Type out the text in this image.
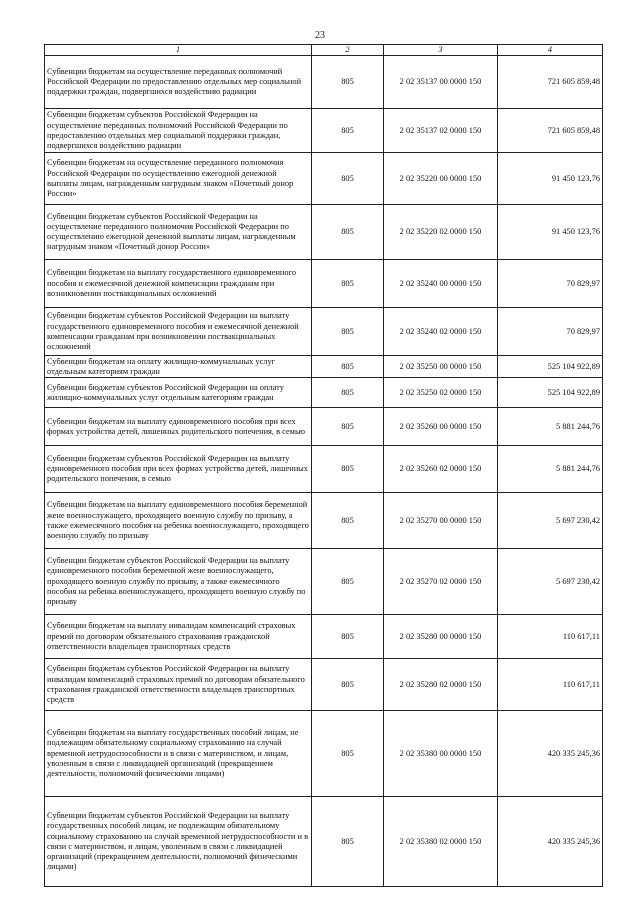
23
1	2	3	4
Субвенции бюджетам на осуществление переданных полномочий Российской Федерации по предоставлению отдельных мер социальной поддержки граждан, подвергшихся воздействию радиации	805	2 02 35137 00 0000 150	721 605 859,48
Субвенции бюджетам субъектов Российской Федерации на осуществление переданных полномочий Российской Федерации по предоставлению отдельных мер социальной поддержки граждан, подвергшихся воздействию радиации	805	2 02 35137 02 0000 150	721 605 859,48
Субвенции бюджетам на осуществление переданного полномочия Российской Федерации по осуществлению ежегодной денежной выплаты лицам, награжденным нагрудным знаком «Почетный донор России»	805	2 02 35220 00 0000 150	91 450 123,76
Субвенции бюджетам субъектов Российской Федерации на осуществление переданного полномочия Российской Федерации по осуществлению ежегодной денежной выплаты лицам, награжденным нагрудным знаком «Почетный донор России»	805	2 02 35220 02 0000 150	91 450 123,76
Субвенции бюджетам на выплату государственного единовременного пособия и ежемесячной денежной компенсации гражданам при возникновении поствакцинальных осложнений	805	2 02 35240 00 0000 150	70 829,97
Субвенции бюджетам субъектов Российской Федерации на выплату государственного единовременного пособия и ежемесячной денежной компенсации гражданам при возникновении поствакцинальных осложнений	805	2 02 35240 02 0000 150	70 829,97
Субвенции бюджетам на оплату жилищно-коммунальных услуг отдельным категориям граждан	805	2 02 35250 00 0000 150	525 104 922,89
Субвенции бюджетам субъектов Российской Федерации на оплату жилищно-коммунальных услуг отдельным категориям граждан	805	2 02 35250 02 0000 150	525 104 922,89
Субвенции бюджетам на выплату единовременного пособия при всех формах устройства детей, лишенных родительского попечения, в семью	805	2 02 35260 00 0000 150	5 881 244,76
Субвенции бюджетам субъектов Российской Федерации на выплату единовременного пособия при всех формах устройства детей, лишенных родительского попечения, в семью	805	2 02 35260 02 0000 150	5 881 244,76
Субвенции бюджетам на выплату единовременного пособия беременной жене военнослужащего, проходящего военную службу по призыву, а также ежемесячного пособия на ребенка военнослужащего, проходящего военную службу по призыву	805	2 02 35270 00 0000 150	5 697 230,42
Субвенции бюджетам субъектов Российской Федерации на выплату единовременного пособия беременной жене военнослужащего, проходящего военную службу по призыву, а также ежемесячного пособия на ребенка военнослужащего, проходящего военную службу по призыву	805	2 02 35270 02 0000 150	5 697 230,42
Субвенции бюджетам на выплату инвалидам компенсаций страховых премий по договорам обязательного страхования гражданской ответственности владельцев транспортных средств	805	2 02 35280 00 0000 150	110 617,11
Субвенции бюджетам субъектов Российской Федерации на выплату инвалидам компенсаций страховых премий по договорам обязательного страхования гражданской ответственности владельцев транспортных средств	805	2 02 35280 02 0000 150	110 617,11
Субвенции бюджетам на выплату государственных пособий лицам, не подлежащим обязательному социальному страхованию на случай временной нетрудоспособности и в связи с материнством, и лицам, уволенным в связи с ликвидацией организаций (прекращением деятельности, полномочий физическими лицами)	805	2 02 35380 00 0000 150	420 335 245,36
Субвенции бюджетам субъектов Российской Федерации на выплату государственных пособий лицам, не подлежащим обязательному социальному страхованию на случай временной нетрудоспособности и в связи с материнством, и лицам, уволенным в связи с ликвидацией организаций (прекращением деятельности, полномочий физическими лицами)	805	2 02 35380 02 0000 150	420 335 245,36
